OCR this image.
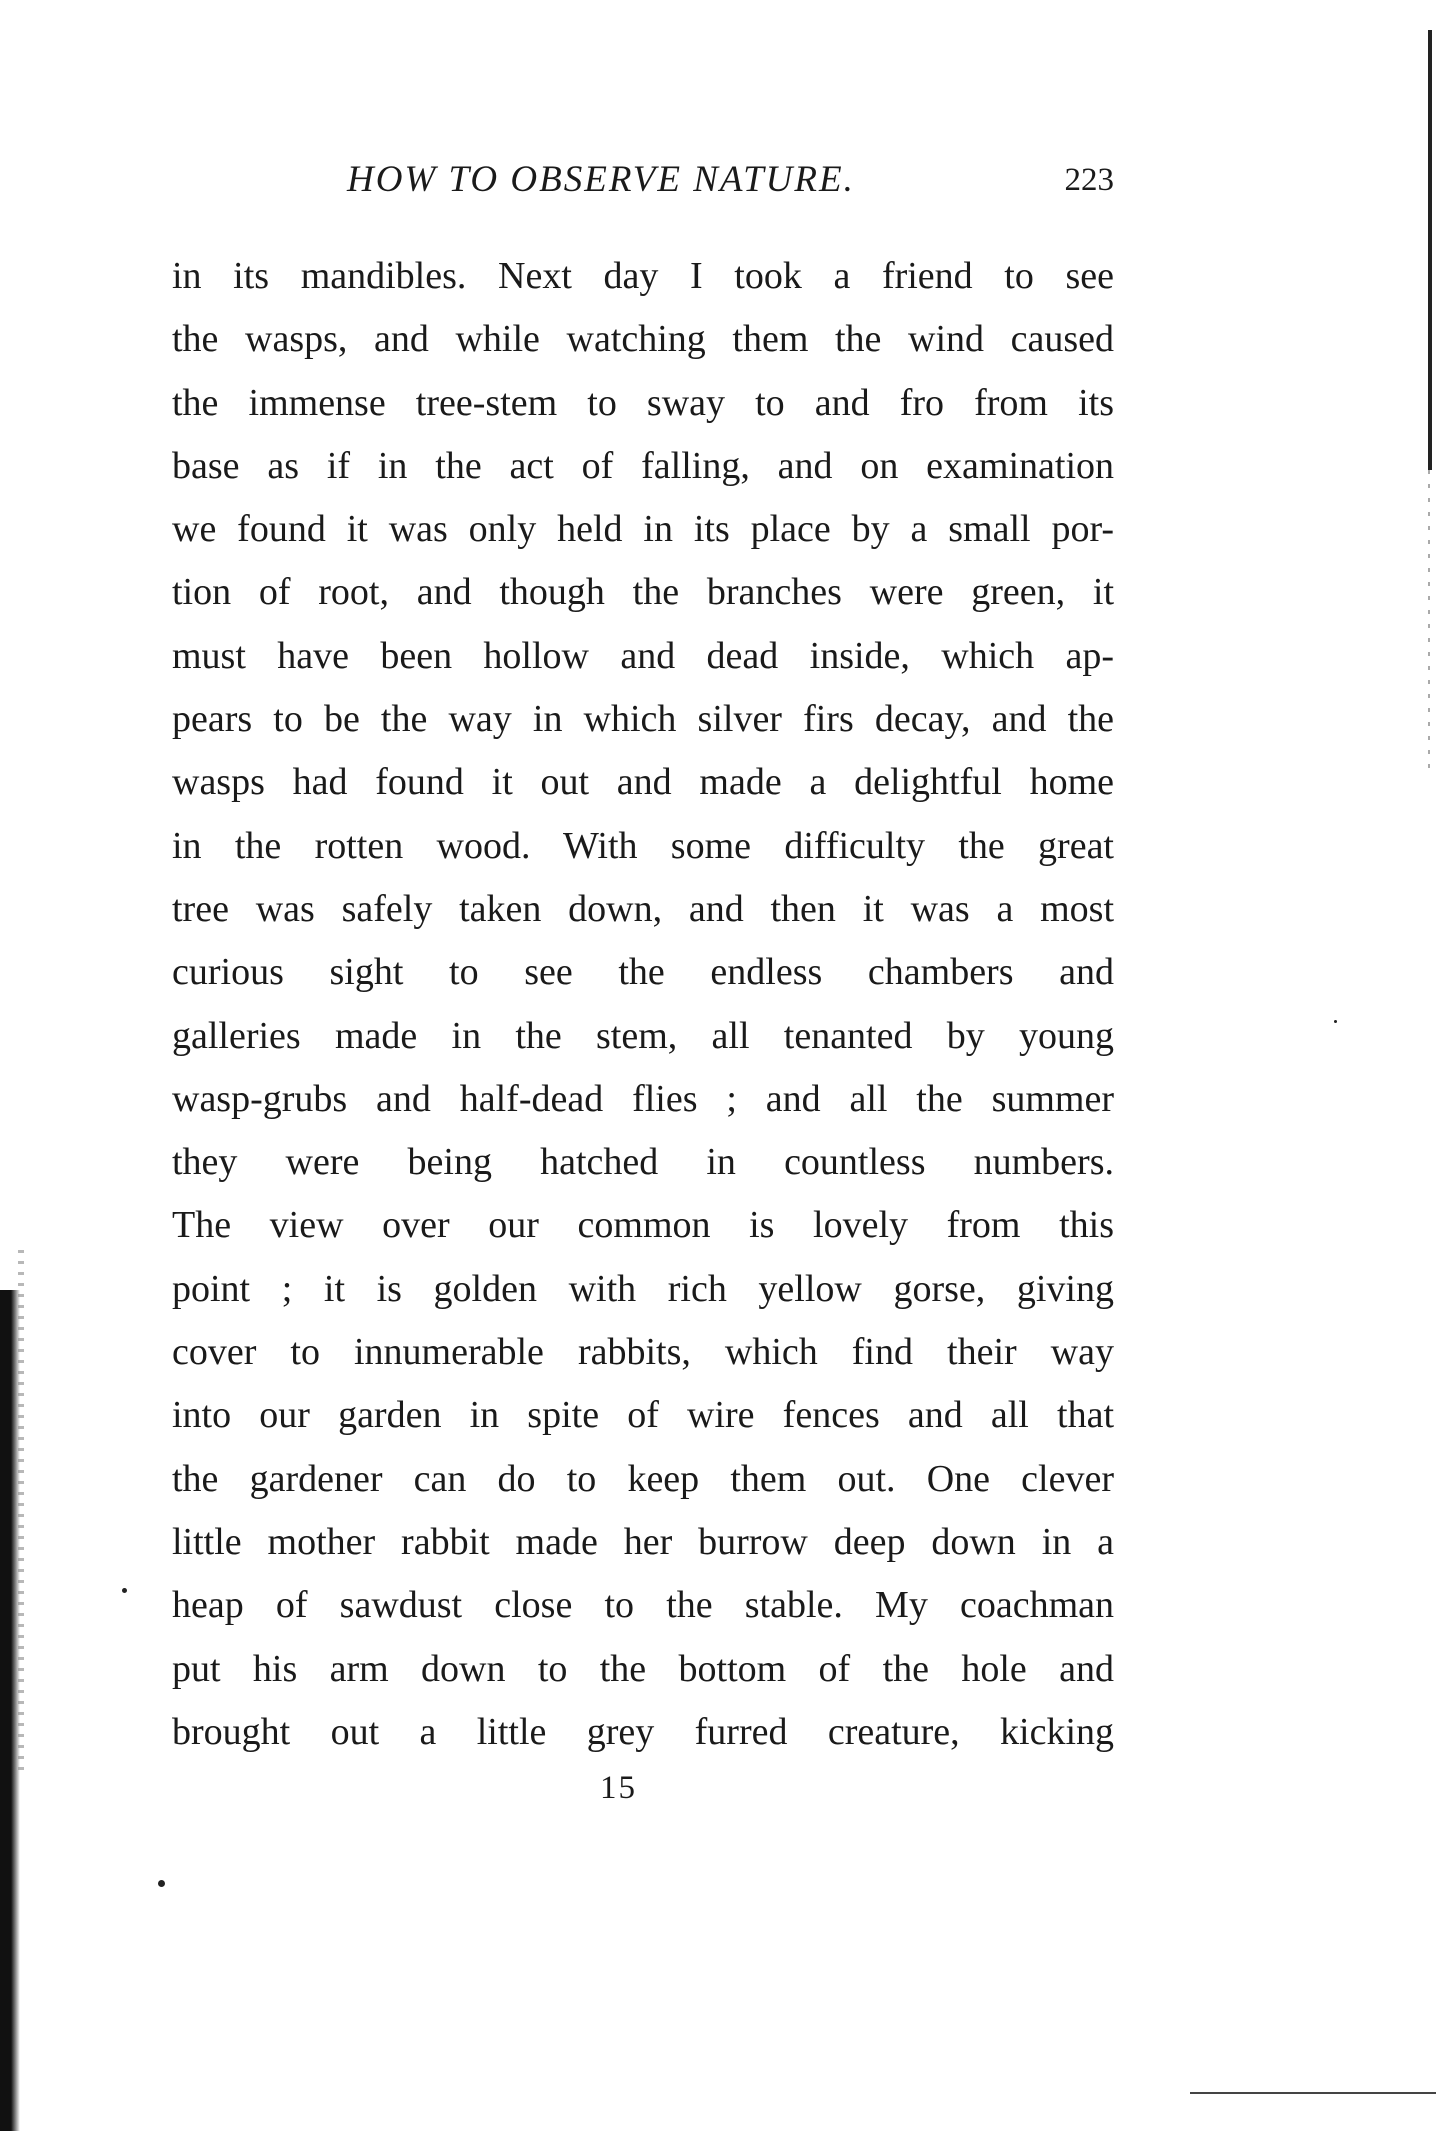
HOW TO OBSERVE NATURE.	223
in its mandibles. Next day I took a friend to see
the wasps, and while watching them the wind caused
the immense tree-stem to sway to and fro from its
base as if in the act of falling, and on examination
we found it was only held in its place by a small por-
tion of root, and though the branches were green, it
must have been hollow and dead inside, which ap-
pears to be the way in which silver firs decay, and the
wasps had found it out and made a delightful home
in the rotten wood. With some difficulty the great
tree was safely taken down, and then it was a most
curious sight to see the endless chambers and
galleries made in the stem, all tenanted by young
wasp-grubs and half-dead flies ; and all the summer
they were being hatched in countless numbers.
The view over our common is lovely from this
point ; it is golden with rich yellow gorse, giving
cover to innumerable rabbits, which find their way
into our garden in spite of wire fences and all that
the gardener can do to keep them out. One clever
little mother rabbit made her burrow deep down in a
heap of sawdust close to the stable. My coachman
put his arm down to the bottom of the hole and
brought out a little grey furred creature, kicking
15
